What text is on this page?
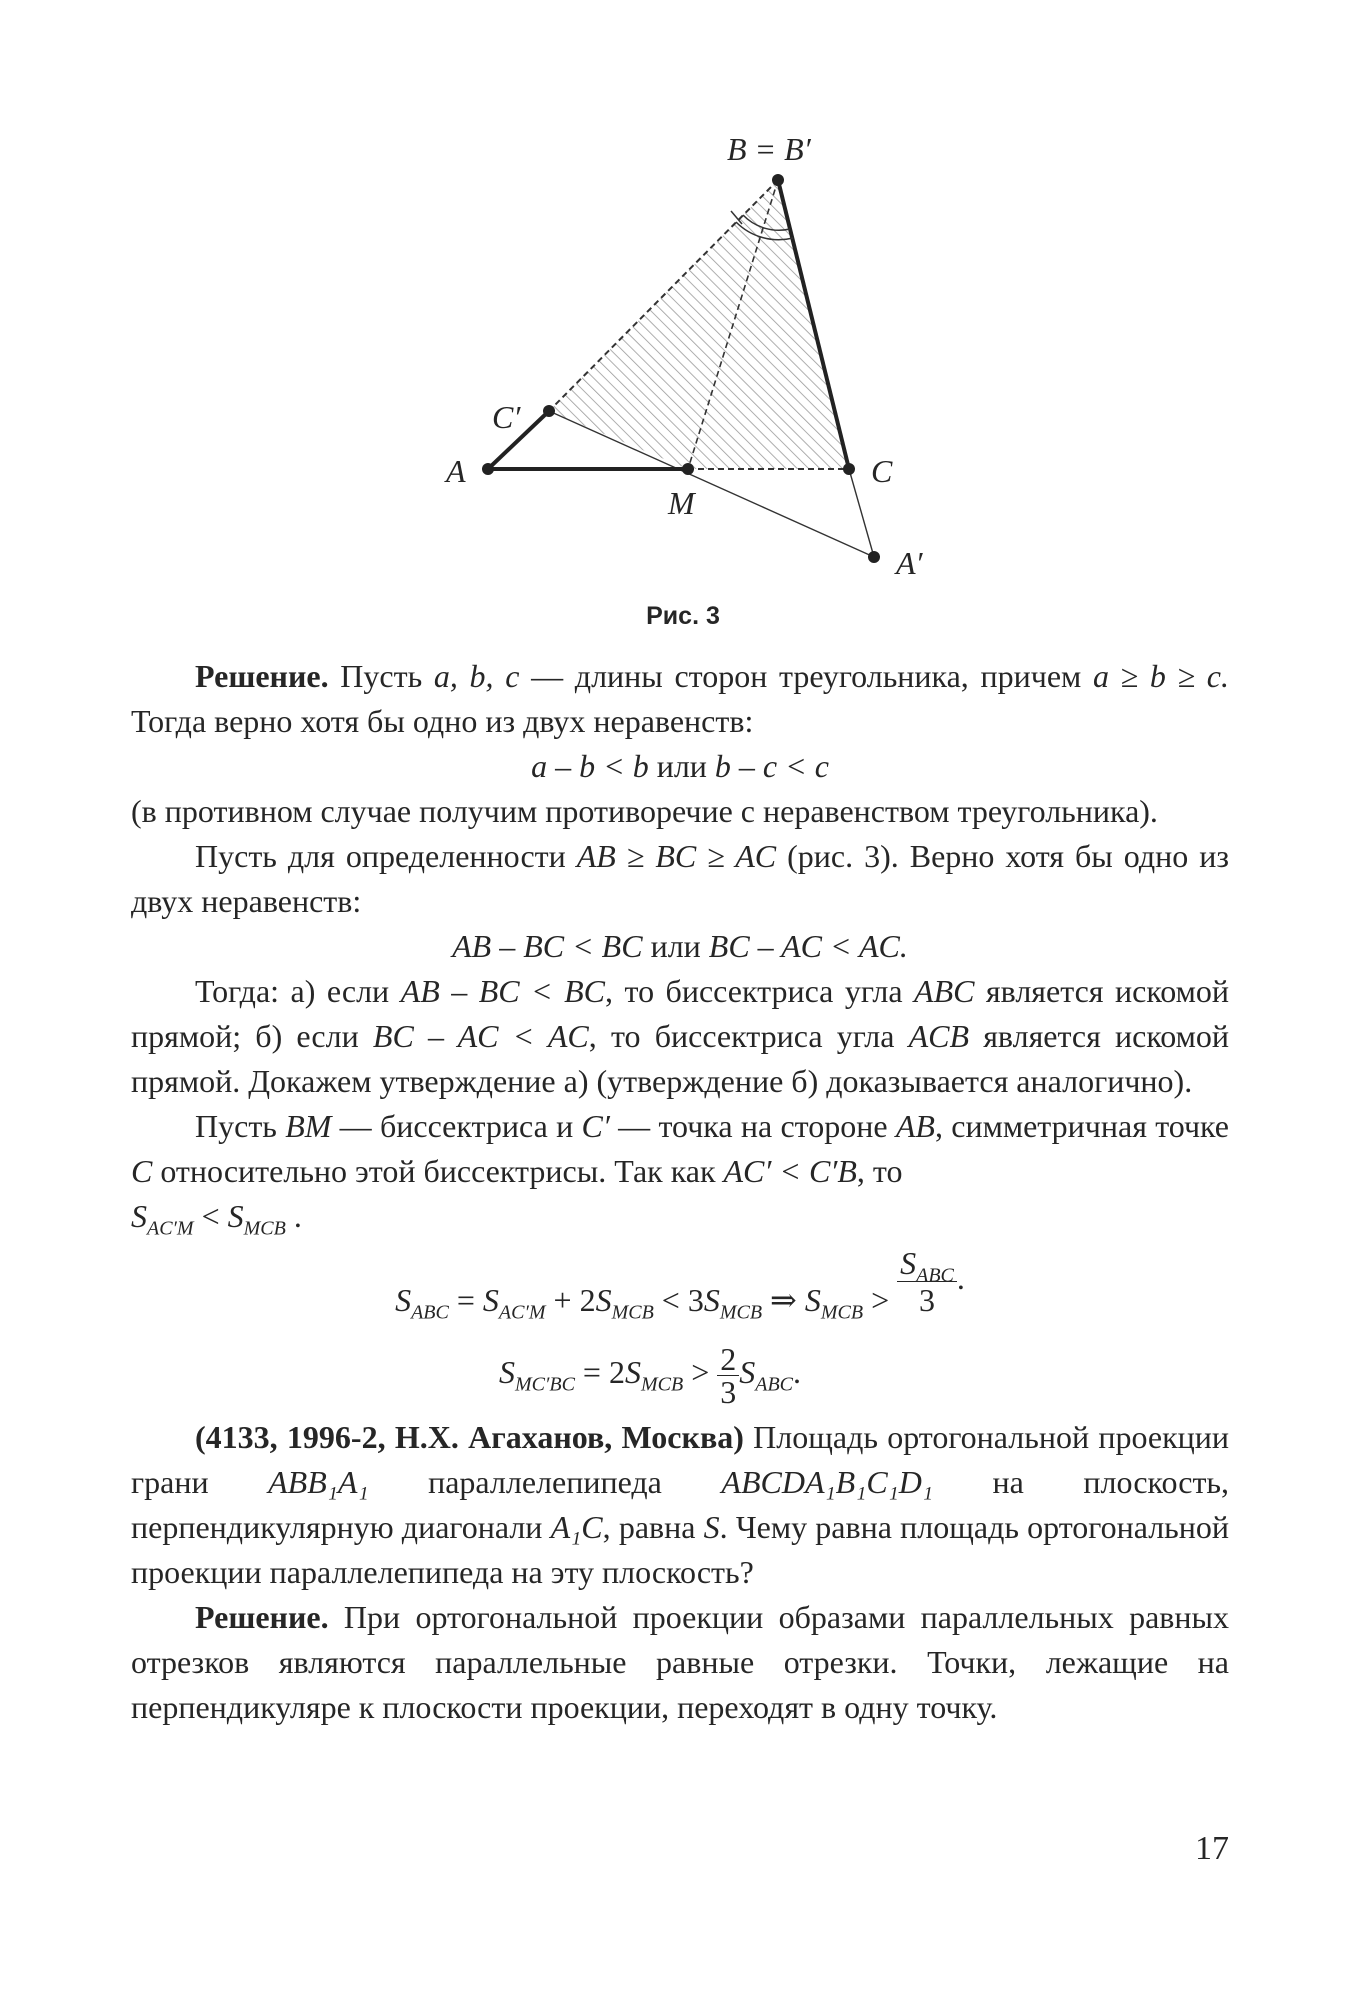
B = B′
C′
A	C
M
A′
Рис. 3

Решение. Пусть a, b, c — длины сторон треугольника, причем a ≥ b ≥ c. Тогда верно хотя бы одно из двух неравенств:

a – b < b или b – c < c

(в противном случае получим противоречие с неравенством треугольника).

Пусть для определенности AB ≥ BC ≥ AC (рис. 3). Верно хотя бы одно из двух неравенств:

AB – BC < BC или BC – AC < AC.

Тогда: а) если AB – BC < BC, то биссектриса угла ABC является искомой прямой; б) если BC – AC < AC, то биссектриса угла ACB является искомой прямой. Докажем утверждение а) (утверждение б) доказывается аналогично).

Пусть BM — биссектриса и C′ — точка на стороне AB, симметричная точке C относительно этой биссектрисы. Так как AC′ < C′B, то

$S_{AC'M} < S_{MCB}$ .

$S_{ABC} = S_{AC'M} + 2S_{MCB} < 3S_{MCB}$ ⇒ $S_{MCB} > \frac{S_{ABC}}{3}$ .
$S_{MC'BC} = 2S_{MCB} > \frac{2}{3} S_{ABC}$.

(4133, 1996-2, Н.Х. Агаханов, Москва) Площадь ортогональной проекции грани ABB₁A₁ параллелепипеда ABCDA₁B₁C₁D₁ на плоскость, перпендикулярную диагонали A₁C, равна S. Чему равна площадь ортогональной проекции параллелепипеда на эту плоскость?

Решение. При ортогональной проекции образами параллельных равных отрезков являются параллельные равные отрезки. Точки, лежащие на перпендикуляре к плоскости проекции, переходят в одну точку.

17
